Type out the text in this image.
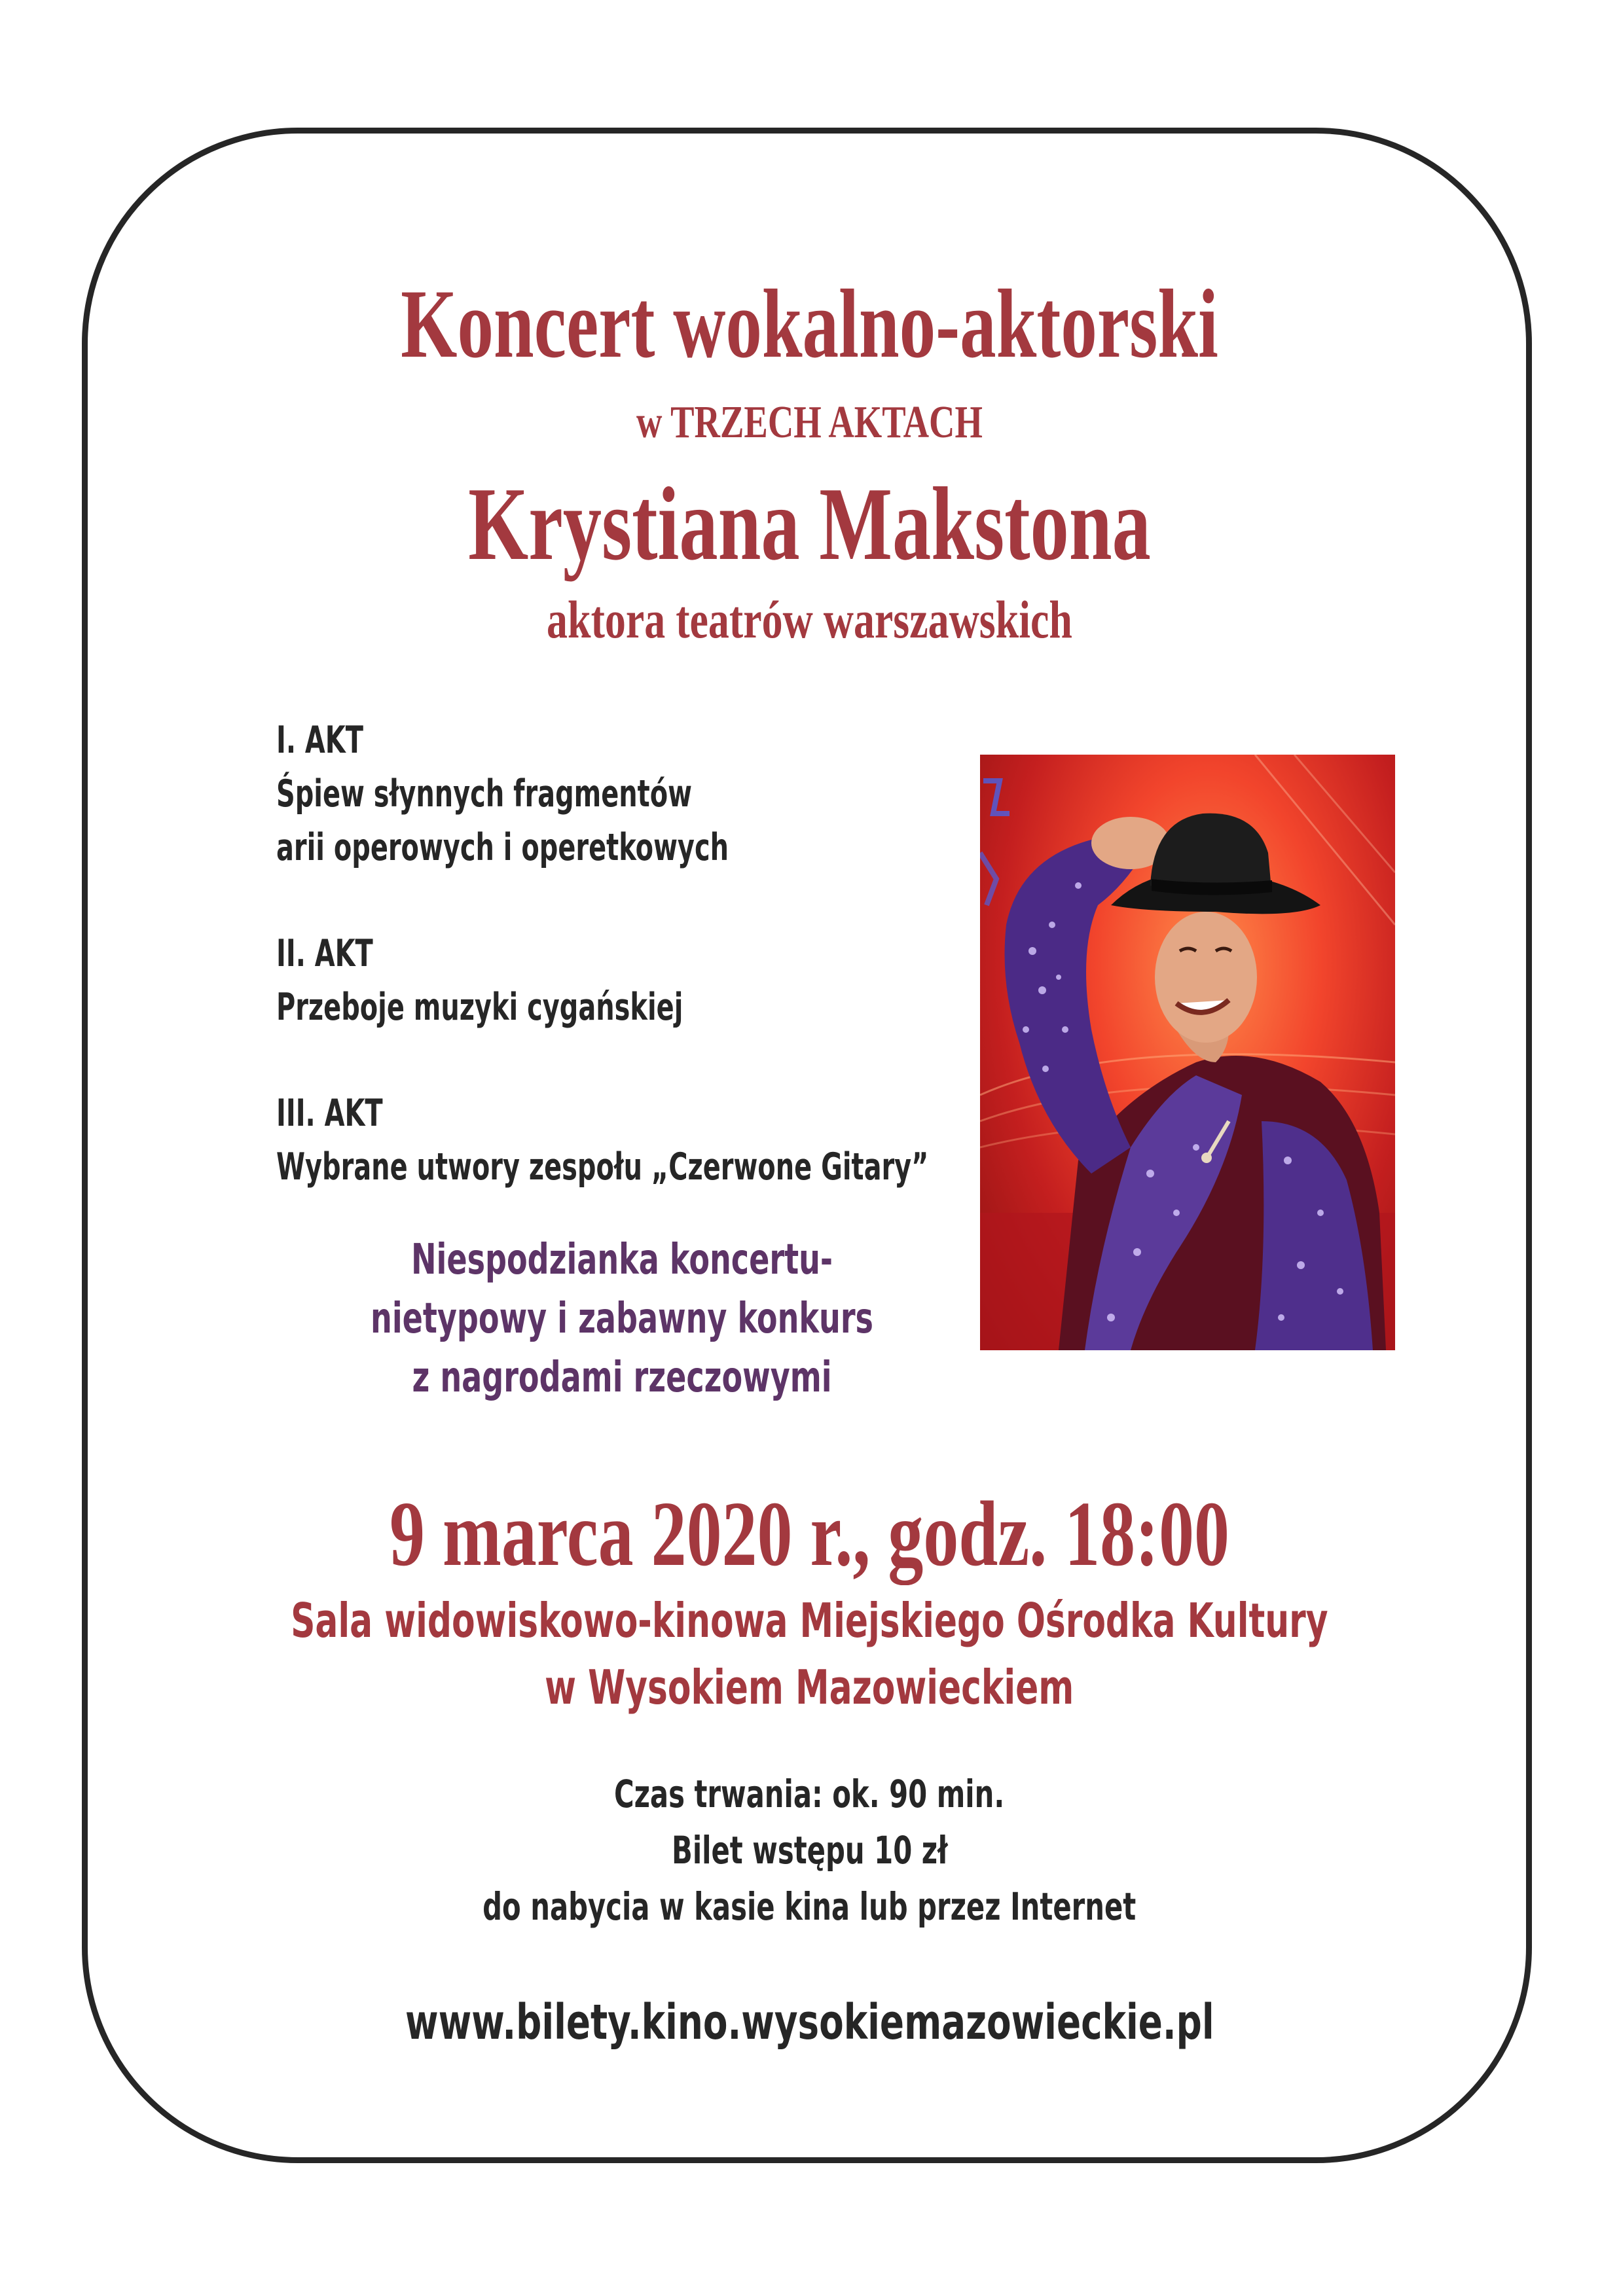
Koncert wokalno-aktorski
w TRZECH AKTACH
Krystiana Makstona
aktora teatrów warszawskich
I. AKT
Śpiew słynnych fragmentów
arii operowych i operetkowych
II. AKT
Przeboje muzyki cygańskiej
III. AKT
Wybrane utwory zespołu „Czerwone Gitary”
Niespodzianka koncertu-
nietypowy i zabawny konkurs
z nagrodami rzeczowymi
9 marca 2020 r., godz. 18:00
Sala widowiskowo-kinowa Miejskiego Ośrodka Kultury
w Wysokiem Mazowieckiem
Czas trwania: ok. 90 min.
Bilet wstępu 10 zł
do nabycia w kasie kina lub przez Internet
www.bilety.kino.wysokiemazowieckie.pl
